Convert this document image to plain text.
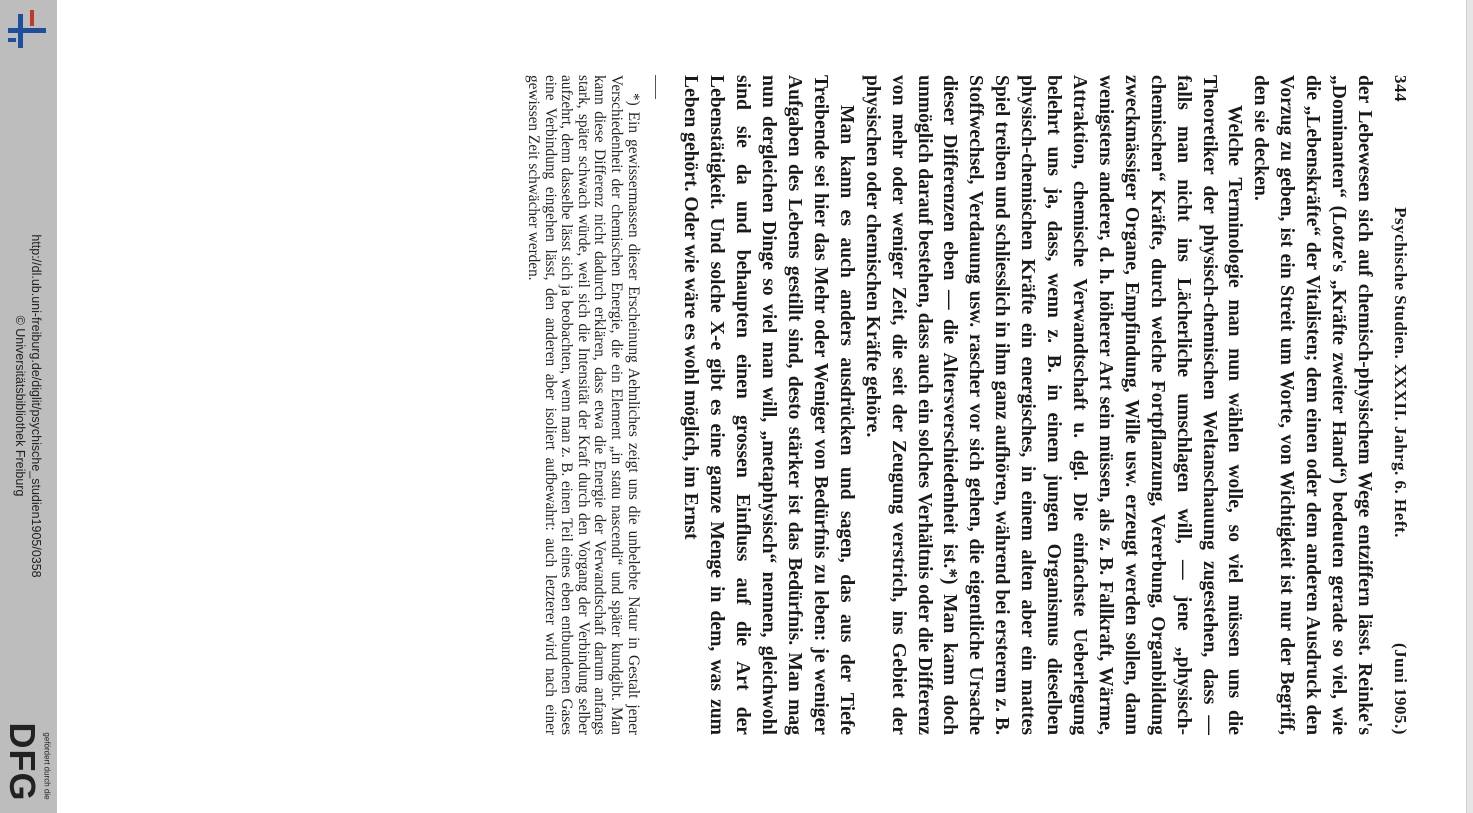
http://dl.ub.uni-freiburg.de/diglit/psychische_studien1905/0358
© Universitätsbibliothek Freiburg
gefördert durch die
DFG
344
Psychische Studien. XXXII. Jahrg. 6. Heft.
(Juni 1905.)

der Lebewesen sich auf chemisch-physischem Wege entziffern lässt. Reinke's „Dominanten“ (Lotze's „Kräfte zweiter Hand“) bedeuten gerade so viel, wie die „Lebenskräfte“ der Vitalisten; dem einen oder dem anderen Ausdruck den Vorzug zu geben, ist ein Streit um Worte, von Wichtigkeit ist nur der Begriff, den sie decken.

Welche Terminologie man nun wählen wolle, so viel müssen uns die Theoretiker der physisch-chemischen Weltanschauung zugestehen, dass — falls man nicht ins Lächerliche umschlagen will, — jene „physisch-chemischen“ Kräfte, durch welche Fortpflanzung, Vererbung, Organbildung zweckmässiger Organe, Empfindung, Wille usw. erzeugt werden sollen, dann wenigstens anderer, d. h. höherer Art sein müssen, als z. B. Fallkraft, Wärme, Attraktion, chemische Verwandtschaft u. dgl. Die einfachste Ueberlegung belehrt uns ja, dass, wenn z. B. in einem jungen Organismus dieselben physisch-chemischen Kräfte ein energisches, in einem alten aber ein mattes Spiel treiben und schliesslich in ihm ganz aufhören, während bei ersterem z. B. Stoffwechsel, Verdauung usw. rascher vor sich gehen, die eigentliche Ursache dieser Differenzen eben — die Altersverschiedenheit ist.*) Man kann doch unmöglich darauf bestehen, dass auch ein solches Verhältnis oder die Differenz von mehr oder weniger Zeit, die seit der Zeugung verstrich, ins Gebiet der physischen oder chemischen Kräfte gehöre.

Man kann es auch anders ausdrücken und sagen, das aus der Tiefe Treibende sei hier das Mehr oder Weniger von Bedürfnis zu leben: je weniger Aufgaben des Lebens gestillt sind, desto stärker ist das Bedürfnis. Man mag nun dergleichen Dinge so viel man will, „metaphysisch“ nennen, gleichwohl sind sie da und behaupten einen grossen Einfluss auf die Art der Lebenstätigkeit. Und solche X-e gibt es eine ganze Menge in dem, was zum Leben gehört. Oder wie wäre es wohl möglich, im Ernst

*) Ein gewissermassen dieser Erscheinung Aehnliches zeigt uns die unbelebte Natur in Gestalt jener Verschiedenheit der chemischen Energie, die ein Element „in statu nascendi“ und später kundgibt. Man kann diese Differenz nicht dadurch erklären, dass etwa die Energie der Verwandtschaft darum anfangs stark, später schwach würde, weil sich die Intensität der Kraft durch den Vorgang der Verbindung selber aufzehrt, denn dasselbe lässt sich ja beobachten, wenn man z. B. einen Teil eines eben entbundenen Gases eine Verbindung eingehen lässt, den anderen aber isoliert aufbewahrt: auch letzterer wird nach einer gewissen Zeit schwächer werden.
